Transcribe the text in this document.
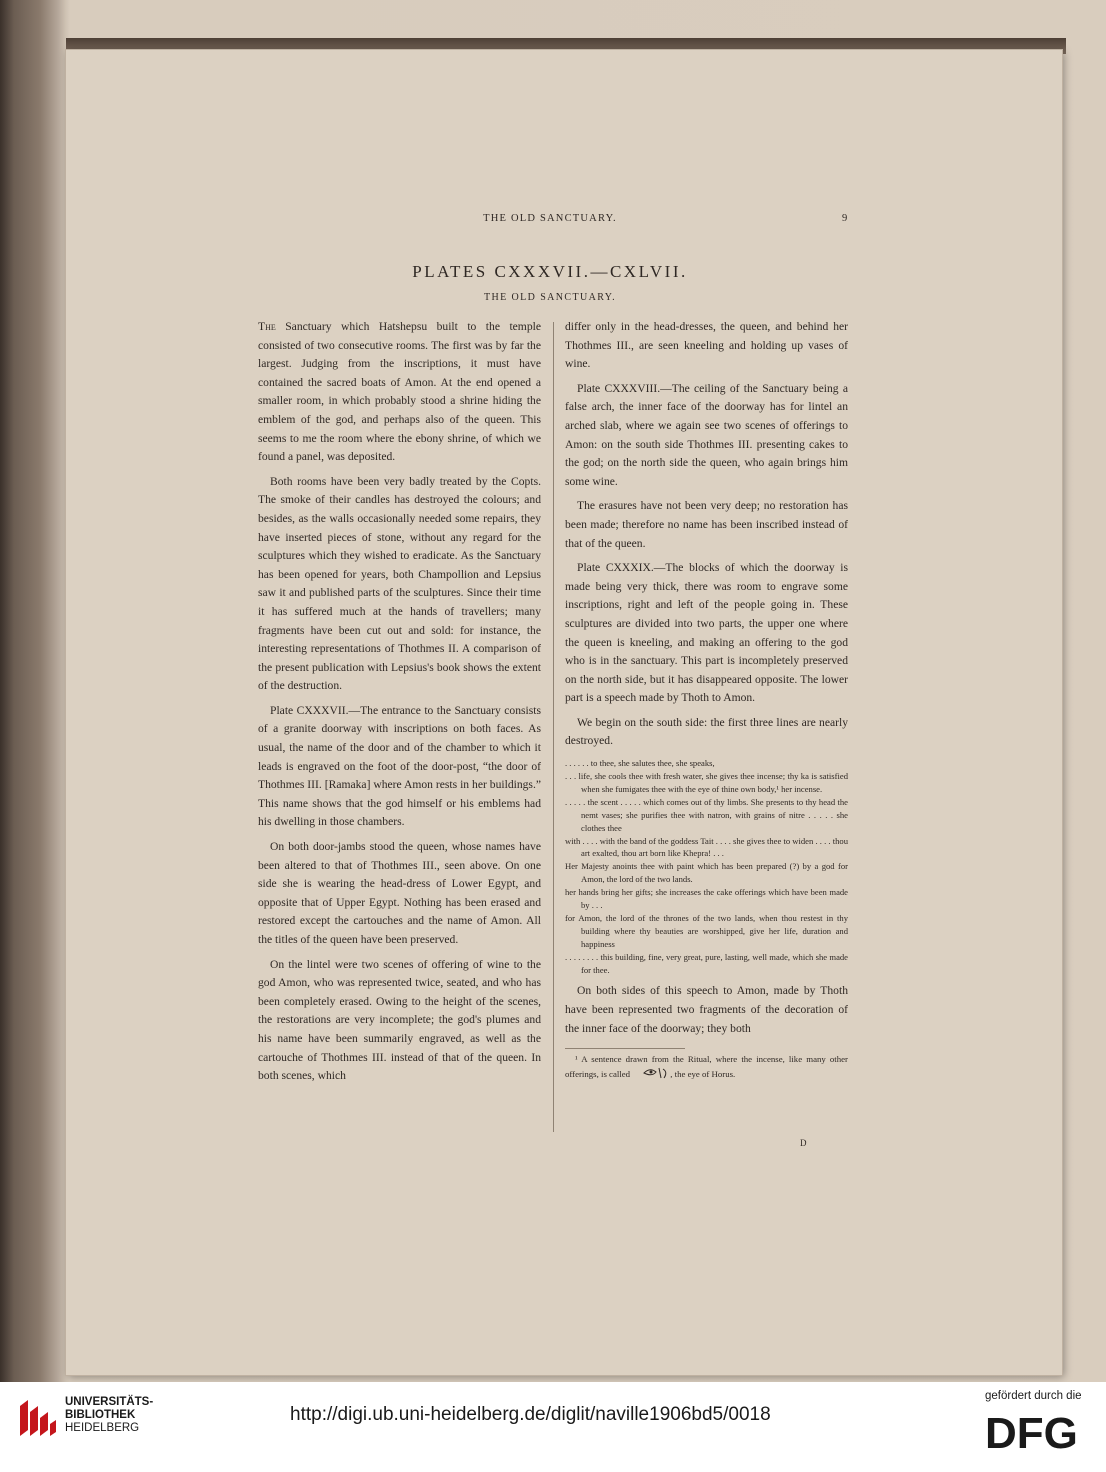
THE OLD SANCTUARY.	9
PLATES CXXXVII.—CXLVII.
THE OLD SANCTUARY.

The Sanctuary which Hatshepsu built to the temple consisted of two consecutive rooms. The first was by far the largest. Judging from the inscriptions, it must have contained the sacred boats of Amon. At the end opened a smaller room, in which probably stood a shrine hiding the emblem of the god, and perhaps also of the queen. This seems to me the room where the ebony shrine, of which we found a panel, was deposited.

Both rooms have been very badly treated by the Copts. The smoke of their candles has destroyed the colours; and besides, as the walls occasionally needed some repairs, they have inserted pieces of stone, without any regard for the sculptures which they wished to eradicate. As the Sanctuary has been opened for years, both Champollion and Lepsius saw it and published parts of the sculptures. Since their time it has suffered much at the hands of travellers; many fragments have been cut out and sold: for instance, the interesting representations of Thothmes II. A comparison of the present publication with Lepsius's book shows the extent of the destruction.

Plate CXXXVII.—The entrance to the Sanctuary consists of a granite doorway with inscriptions on both faces. As usual, the name of the door and of the chamber to which it leads is engraved on the foot of the door-post, “the door of Thothmes III. [Ramaka] where Amon rests in her buildings.” This name shows that the god himself or his emblems had his dwelling in those chambers.

On both door-jambs stood the queen, whose names have been altered to that of Thothmes III., seen above. On one side she is wearing the head-dress of Lower Egypt, and opposite that of Upper Egypt. Nothing has been erased and restored except the cartouches and the name of Amon. All the titles of the queen have been preserved.

On the lintel were two scenes of offering of wine to the god Amon, who was represented twice, seated, and who has been completely erased. Owing to the height of the scenes, the restorations are very incomplete; the god's plumes and his name have been summarily engraved, as well as the cartouche of Thothmes III. instead of that of the queen. In both scenes, which

differ only in the head-dresses, the queen, and behind her Thothmes III., are seen kneeling and holding up vases of wine.

Plate CXXXVIII.—The ceiling of the Sanctuary being a false arch, the inner face of the doorway has for lintel an arched slab, where we again see two scenes of offerings to Amon: on the south side Thothmes III. presenting cakes to the god; on the north side the queen, who again brings him some wine.

The erasures have not been very deep; no restoration has been made; therefore no name has been inscribed instead of that of the queen.

Plate CXXXIX.—The blocks of which the doorway is made being very thick, there was room to engrave some inscriptions, right and left of the people going in. These sculptures are divided into two parts, the upper one where the queen is kneeling, and making an offering to the god who is in the sanctuary. This part is incompletely preserved on the north side, but it has disappeared opposite. The lower part is a speech made by Thoth to Amon.

We begin on the south side: the first three lines are nearly destroyed.

. . . . . . to thee, she salutes thee, she speaks,

. . . life, she cools thee with fresh water, she gives thee incense; thy ka is satisfied when she fumigates thee with the eye of thine own body,¹ her incense.

. . . . . the scent . . . . . which comes out of thy limbs. She presents to thy head the nemt vases; she purifies thee with natron, with grains of nitre . . . . . she clothes thee

with . . . . with the band of the goddess Tait . . . . she gives thee to widen . . . . thou art exalted, thou art born like Khepra! . . .

Her Majesty anoints thee with paint which has been prepared (?) by a god for Amon, the lord of the two lands.

her hands bring her gifts; she increases the cake offerings which have been made by . . .

for Amon, the lord of the thrones of the two lands, when thou restest in thy building where thy beauties are worshipped, give her life, duration and happiness

. . . . . . . . this building, fine, very great, pure, lasting, well made, which she made for thee.

On both sides of this speech to Amon, made by Thoth have been represented two fragments of the decoration of the inner face of the doorway; they both

¹ A sentence drawn from the Ritual, where the incense, like many other offerings, is called	, the eye of Horus.
D
UNIVERSITÄTS-
BIBLIOTHEK
HEIDELBERG
http://digi.ub.uni-heidelberg.de/diglit/naville1906bd5/0018
gefördert durch die
DFG
